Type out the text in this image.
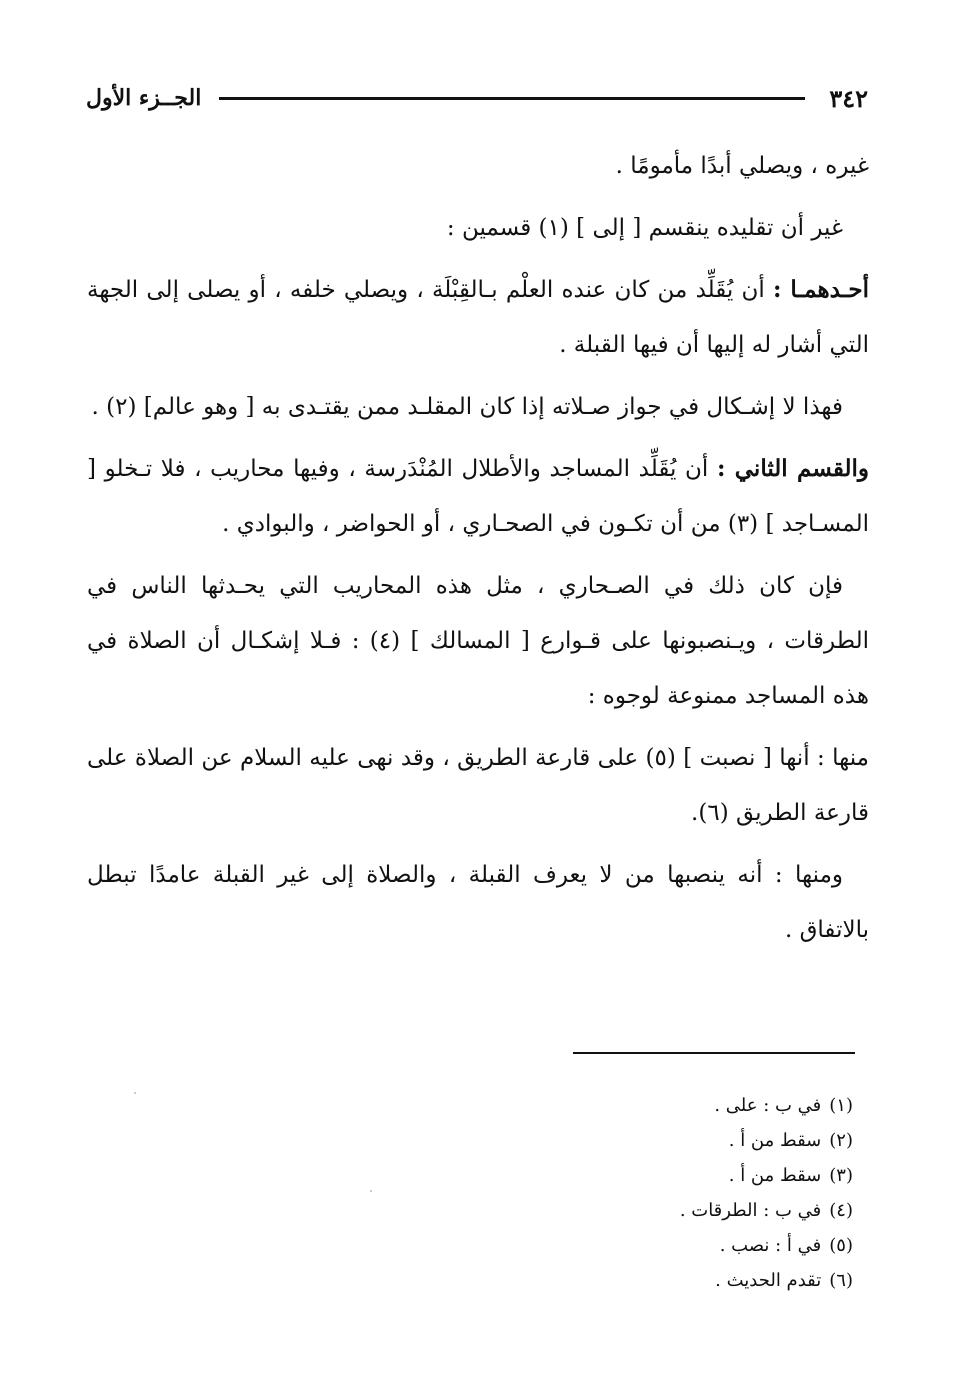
٣٤٢
الجــزء الأول

غيره ، ويصلي أبدًا مأمومًا .

غير أن تقليده ينقسم [ إلى ] (١) قسمين :

أحـدهمـا : أن يُقَلِّد من كان عنده العلْم بـالقِبْلَة ، ويصلي خلفه ، أو يصلى إلى الجهة التي أشار له إليها أن فيها القبلة .

فهذا لا إشـكال في جواز صـلاته إذا كان المقلـد ممن يقتـدى به [ وهو عالم] (٢) .

والقسم الثاني : أن يُقَلِّد المساجد والأطلال المُنْدَرسة ، وفيها محاريب ، فلا تـخلو [ المسـاجد ] (٣) من أن تكـون في الصحـاري ، أو الحواضر ، والبوادي .

فإن كان ذلك في الصـحاري ، مثل هذه المحاريب التي يحـدثها الناس في الطرقات ، ويـنصبونها على قـوارع [ المسالك ] (٤) : فـلا إشكـال أن الصلاة في هذه المساجد ممنوعة لوجوه :

منها : أنها [ نصبت ] (٥) على قارعة الطريق ، وقد نهى عليه السلام عن الصلاة على قارعة الطريق (٦).

ومنها : أنه ينصبها من لا يعرف القبلة ، والصلاة إلى غير القبلة عامدًا تبطل بالاتفاق .

(١)في ب : على .
(٢)سقط من أ .
(٣)سقط من أ .
(٤)في ب : الطرقات .
(٥)في أ : نصب .
(٦)تقدم الحديث .
